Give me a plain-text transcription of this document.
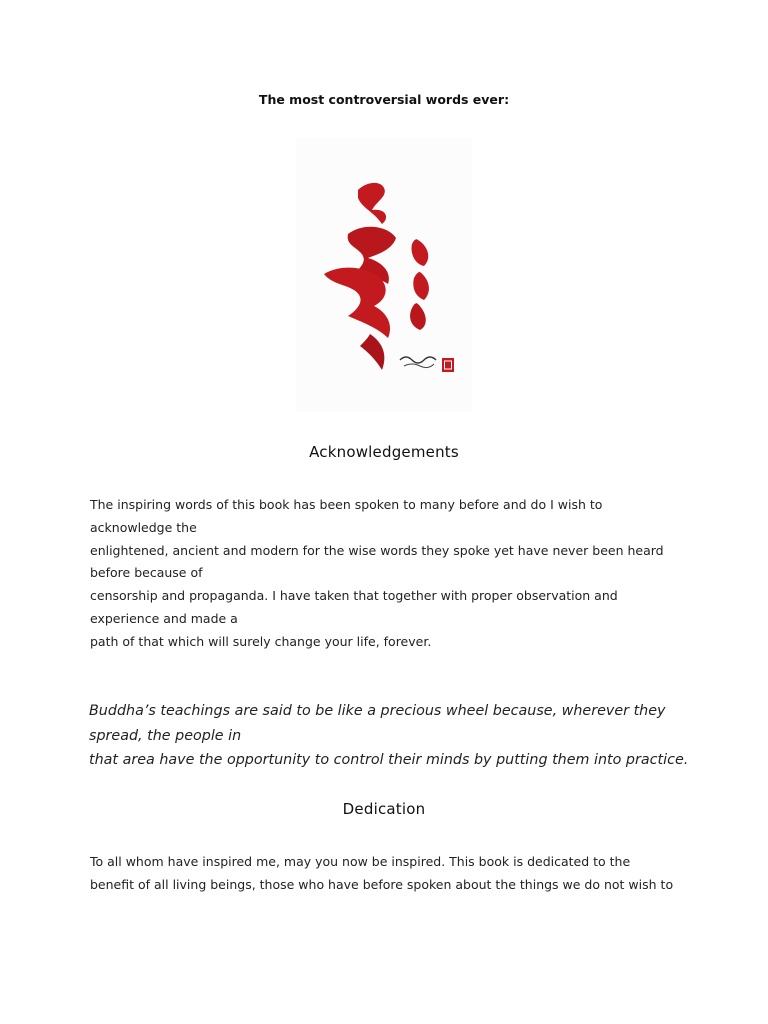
The most controversial words ever:
Acknowledgements
The inspiring words of this book has been spoken to many before and do I wish to
acknowledge the
enlightened, ancient and modern for the wise words they spoke yet have never been heard
before because of
censorship and propaganda. I have taken that together with proper observation and
experience and made a
path of that which will surely change your life, forever.
Buddha’s teachings are said to be like a precious wheel because, wherever they
spread, the people in
that area have the opportunity to control their minds by putting them into practice.
Dedication
To all whom have inspired me, may you now be inspired. This book is dedicated to the
benefit of all living beings, those who have before spoken about the things we do not wish to
